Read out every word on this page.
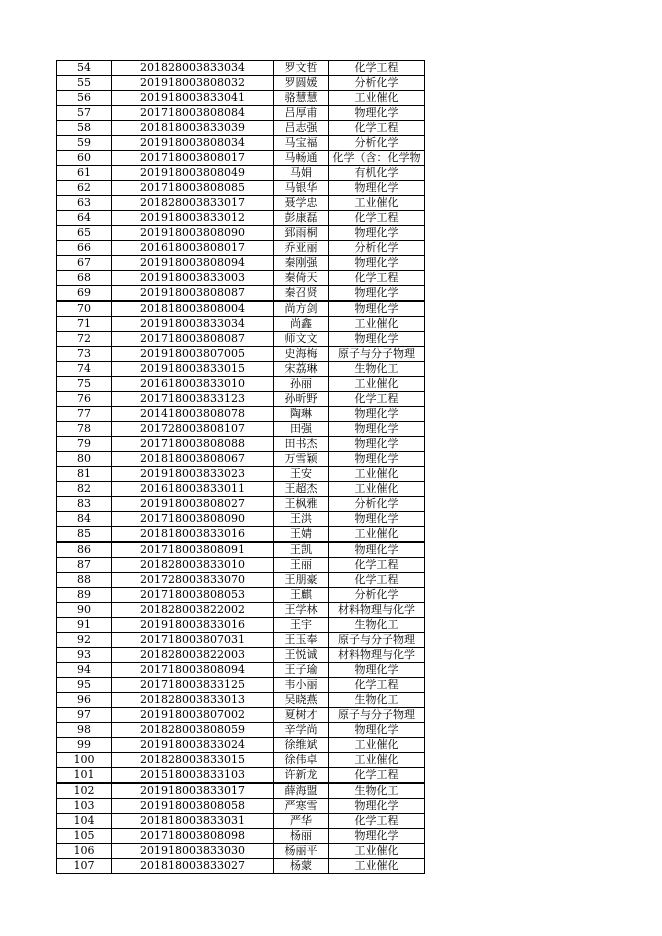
54	201828003833034	罗文哲	化学工程
55	201918003808032	罗圆媛	分析化学
56	201918003833041	骆慧慧	工业催化
57	201718003808084	吕厚甫	物理化学
58	201818003833039	吕志强	化学工程
59	201918003808034	马宝福	分析化学
60	201718003808017	马畅通	化学（含：化学物
61	201918003808049	马娟	有机化学
62	201718003808085	马银华	物理化学
63	201828003833017	聂学忠	工业催化
64	201918003833012	彭康磊	化学工程
65	201918003808090	郅雨桐	物理化学
66	201618003808017	乔亚丽	分析化学
67	201918003808094	秦刚强	物理化学
68	201918003833003	秦倚天	化学工程
69	201918003808087	秦召贤	物理化学
70	201818003808004	尚方剑	物理化学
71	201918003833034	尚鑫	工业催化
72	201718003808087	师文文	物理化学
73	201918003807005	史海梅	原子与分子物理
74	201918003833015	宋荔琳	生物化工
75	201618003833010	孙丽	工业催化
76	201718003833123	孙昕野	化学工程
77	201418003808078	陶琳	物理化学
78	201728003808107	田强	物理化学
79	201718003808088	田书杰	物理化学
80	201818003808067	万雪颖	物理化学
81	201918003833023	王安	工业催化
82	201618003833011	王超杰	工业催化
83	201918003808027	王枫雅	分析化学
84	201718003808090	王洪	物理化学
85	201818003833016	王婧	工业催化
86	201718003808091	王凯	物理化学
87	201828003833010	王丽	化学工程
88	201728003833070	王朋豪	化学工程
89	201718003808053	王麒	分析化学
90	201828003822002	王学林	材料物理与化学
91	201918003833016	王宇	生物化工
92	201718003807031	王玉奉	原子与分子物理
93	201828003822003	王悦诚	材料物理与化学
94	201718003808094	王子瑜	物理化学
95	201718003833125	韦小丽	化学工程
96	201828003833013	吴晓燕	生物化工
97	201918003807002	夏树才	原子与分子物理
98	201828003808059	辛学尚	物理化学
99	201918003833024	徐维斌	工业催化
100	201828003833015	徐伟卓	工业催化
101	201518003833103	许新龙	化学工程
102	201918003833017	薛海盟	生物化工
103	201918003808058	严寒雪	物理化学
104	201818003833031	严华	化学工程
105	201718003808098	杨丽	物理化学
106	201918003833030	杨丽平	工业催化
107	201818003833027	杨蒙	工业催化
